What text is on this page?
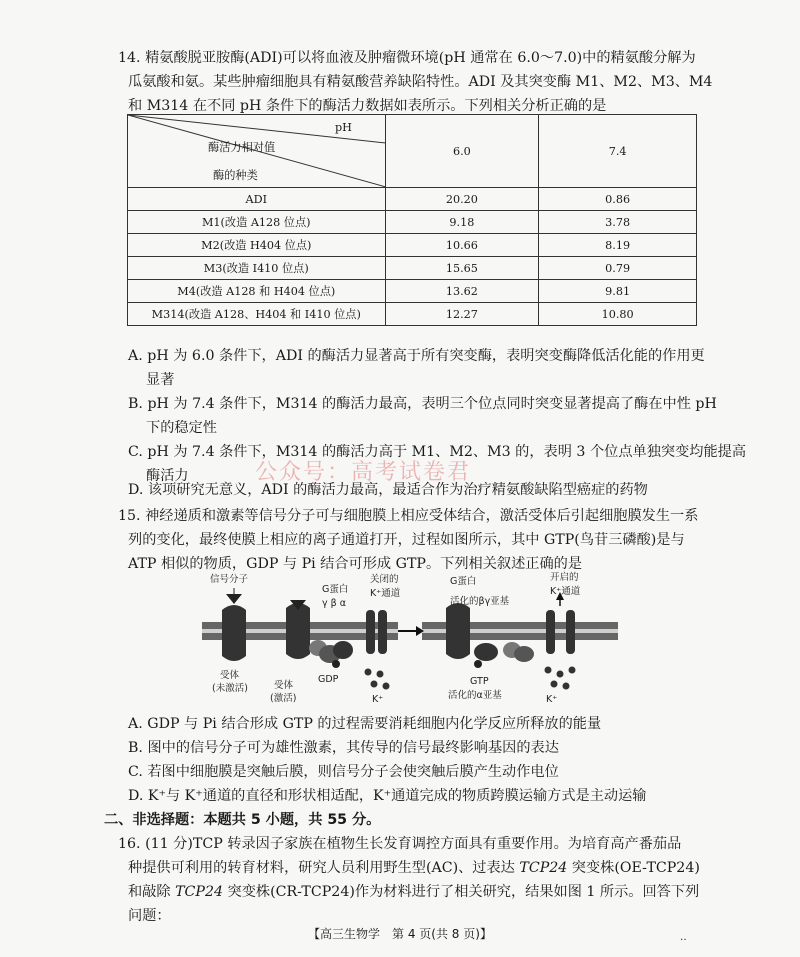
14. 精氨酸脱亚胺酶(ADI)可以将血液及肿瘤微环境(pH 通常在 6.0～7.0)中的精氨酸分解为
瓜氨酸和氨。某些肿瘤细胞具有精氨酸营养缺陷特性。ADI 及其突变酶 M1、M2、M3、M4
和 M314 在不同 pH 条件下的酶活力数据如表所示。下列相关分析正确的是
pH
酶活力相对值
酶的种类	6.0	7.4
ADI	20.20	0.86
M1(改造 A128 位点)	9.18	3.78
M2(改造 H404 位点)	10.66	8.19
M3(改造 I410 位点)	15.65	0.79
M4(改造 A128 和 H404 位点)	13.62	9.81
M314(改造 A128、H404 和 I410 位点)	12.27	10.80
A. pH 为 6.0 条件下，ADI 的酶活力显著高于所有突变酶，表明突变酶降低活化能的作用更
显著
B. pH 为 7.4 条件下，M314 的酶活力最高，表明三个位点同时突变显著提高了酶在中性 pH
下的稳定性
C. pH 为 7.4 条件下，M314 的酶活力高于 M1、M2、M3 的，表明 3 个位点单独突变均能提高
酶活力	公众号：高考试卷君
D. 该项研究无意义，ADI 的酶活力最高，最适合作为治疗精氨酸缺陷型癌症的药物
15. 神经递质和激素等信号分子可与细胞膜上相应受体结合，激活受体后引起细胞膜发生一系
列的变化，最终使膜上相应的离子通道打开，过程如图所示，其中 GTP(鸟苷三磷酸)是与
ATP 相似的物质，GDP 与 Pi 结合可形成 GTP。下列相关叙述正确的是
信号分子
受体
(未激活)	受体
(激活)
G蛋白
γ β α
关闭的
K⁺通道
GDP
K⁺
G蛋白
活化的βγ亚基
开启的
K⁺通道
GTP
活化的α亚基	K⁺
A. GDP 与 Pi 结合形成 GTP 的过程需要消耗细胞内化学反应所释放的能量
B. 图中的信号分子可为雄性激素，其传导的信号最终影响基因的表达
C. 若图中细胞膜是突触后膜，则信号分子会使突触后膜产生动作电位
D. K⁺与 K⁺通道的直径和形状相适配，K⁺通道完成的物质跨膜运输方式是主动运输
二、非选择题：本题共 5 小题，共 55 分。
16. (11 分)TCP 转录因子家族在植物生长发育调控方面具有重要作用。为培育高产番茄品
种提供可利用的转育材料，研究人员利用野生型(AC)、过表达 TCP24 突变株(OE-TCP24)
和敲除 TCP24 突变株(CR-TCP24)作为材料进行了相关研究，结果如图 1 所示。回答下列
问题：
【高三生物学　第 4 页(共 8 页)】	‥
